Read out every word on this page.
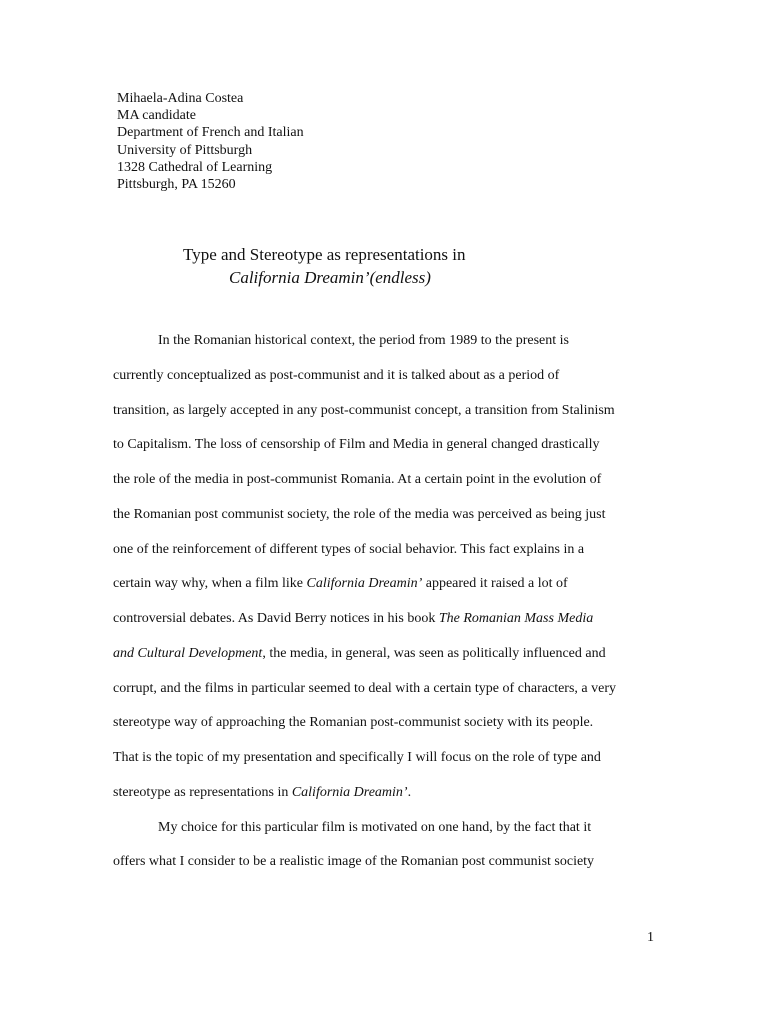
Mihaela-Adina Costea
MA candidate
Department of French and Italian
University of Pittsburgh
1328 Cathedral of Learning
Pittsburgh, PA 15260
Type and Stereotype as representations in
California Dreamin’(endless)
In the Romanian historical context, the period from 1989 to the present is
currently conceptualized as post-communist and it is talked about as a period of
transition, as largely accepted in any post-communist concept, a transition from Stalinism
to Capitalism. The loss of censorship of Film and Media in general changed drastically
the role of the media in post-communist Romania. At a certain point in the evolution of
the Romanian post communist society, the role of the media was perceived as being just
one of the reinforcement of different types of social behavior. This fact explains in a
certain way why, when a film like California Dreamin’ appeared it raised a lot of
controversial debates. As David Berry notices in his book The Romanian Mass Media
and Cultural Development, the media, in general, was seen as politically influenced and
corrupt, and the films in particular seemed to deal with a certain type of characters, a very
stereotype way of approaching the Romanian post-communist society with its people.
That is the topic of my presentation and specifically I will focus on the role of type and
stereotype as representations in California Dreamin’.
My choice for this particular film is motivated on one hand, by the fact that it
offers what I consider to be a realistic image of the Romanian post communist society
1
